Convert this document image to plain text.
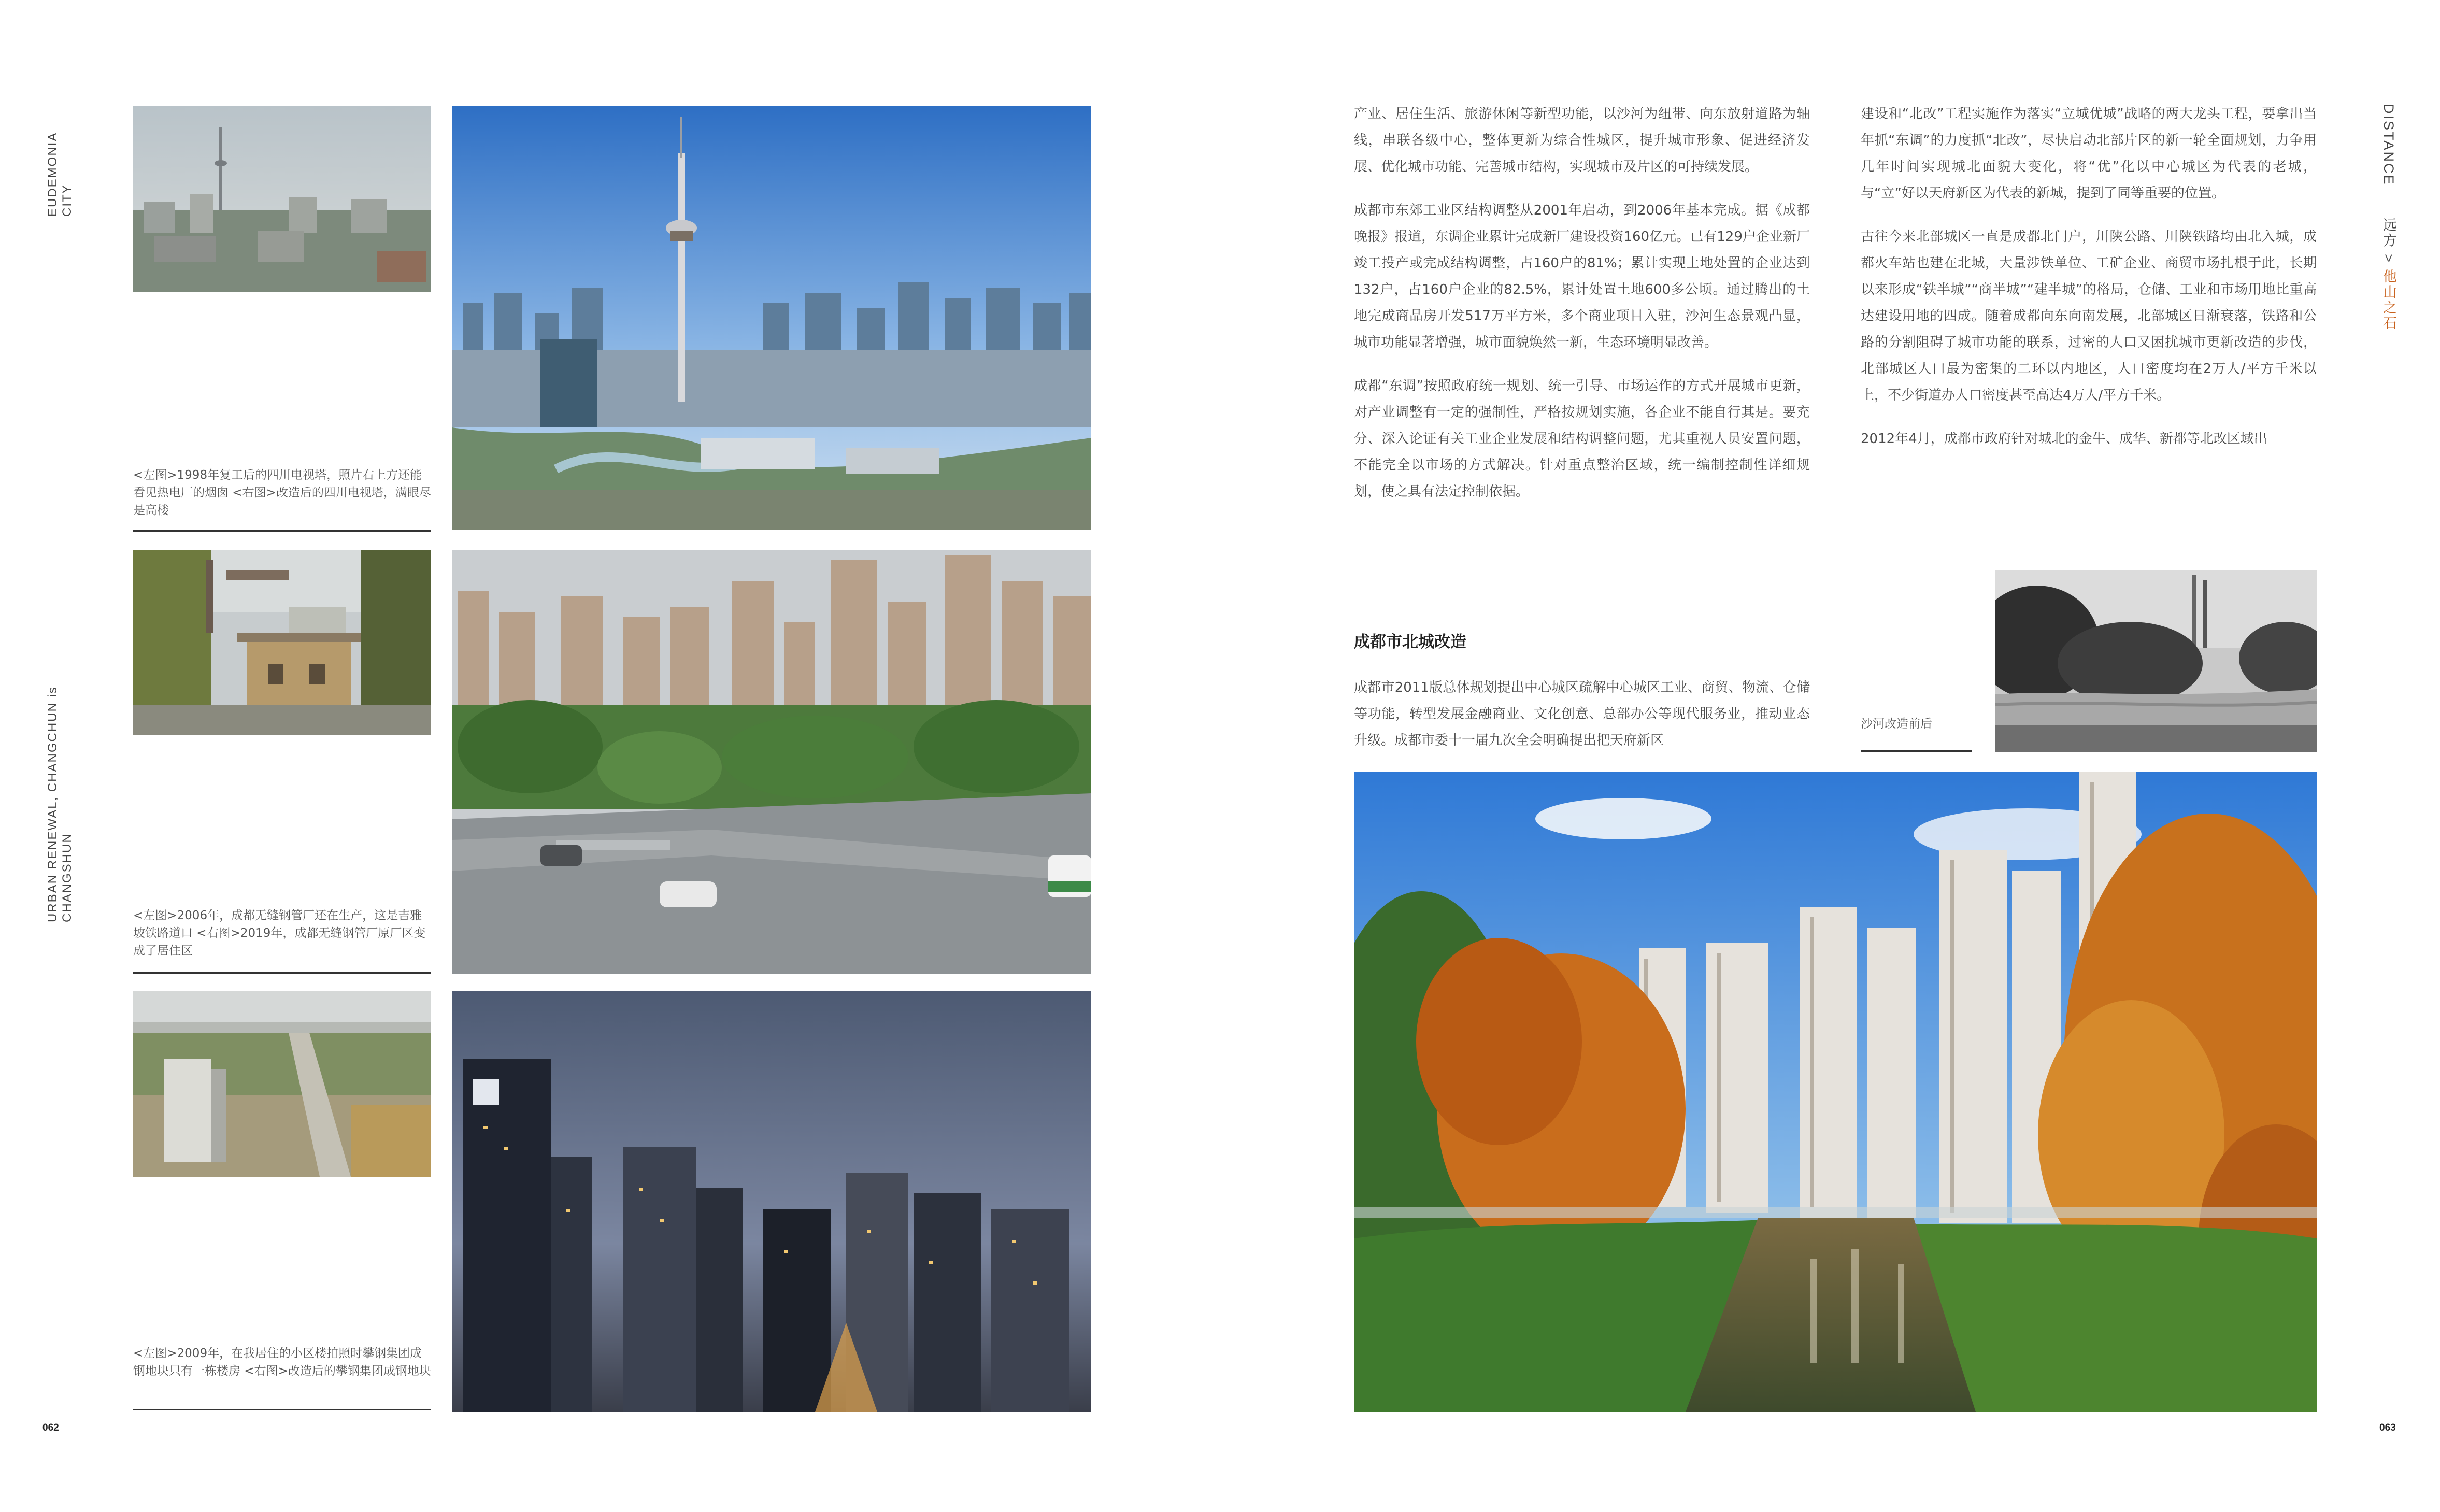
EUDEMONIA CITY
URBAN RENEWAL, CHANGCHUN is CHANGSHUN
DISTANCE  远方 > 他山之石
062	063
<左图>1998年复工后的四川电视塔，照片右上方还能看见热电厂的烟囱 <右图>改造后的四川电视塔，满眼尽是高楼
<左图>2006年，成都无缝钢管厂还在生产，这是吉雅坡铁路道口 <右图>2019年，成都无缝钢管厂原厂区变成了居住区
<左图>2009年，在我居住的小区楼拍照时攀钢集团成钢地块只有一栋楼房 <右图>改造后的攀钢集团成钢地块

产业、居住生活、旅游休闲等新型功能，以沙河为纽带、向东放射道路为轴线，串联各级中心，整体更新为综合性城区，提升城市形象、促进经济发展、优化城市功能、完善城市结构，实现城市及片区的可持续发展。

成都市东郊工业区结构调整从2001年启动，到2006年基本完成。据《成都晚报》报道，东调企业累计完成新厂建设投资160亿元。已有129户企业新厂竣工投产或完成结构调整，占160户的81%；累计实现土地处置的企业达到132户，占160户企业的82.5%，累计处置土地600多公顷。通过腾出的土地完成商品房开发517万平方米，多个商业项目入驻，沙河生态景观凸显，城市功能显著增强，城市面貌焕然一新，生态环境明显改善。

成都“东调”按照政府统一规划、统一引导、市场运作的方式开展城市更新，对产业调整有一定的强制性，严格按规划实施，各企业不能自行其是。要充分、深入论证有关工业企业发展和结构调整问题，尤其重视人员安置问题，不能完全以市场的方式解决。针对重点整治区域，统一编制控制性详细规划，使之具有法定控制依据。

成都市北城改造

成都市2011版总体规划提出中心城区疏解中心城区工业、商贸、物流、仓储等功能，转型发展金融商业、文化创意、总部办公等现代服务业，推动业态升级。成都市委十一届九次全会明确提出把天府新区

建设和“北改”工程实施作为落实“立城优城”战略的两大龙头工程，要拿出当年抓“东调”的力度抓“北改”，尽快启动北部片区的新一轮全面规划，力争用几年时间实现城北面貌大变化，将“优”化以中心城区为代表的老城，与“立”好以天府新区为代表的新城，提到了同等重要的位置。

古往今来北部城区一直是成都北门户，川陕公路、川陕铁路均由北入城，成都火车站也建在北城，大量涉铁单位、工矿企业、商贸市场扎根于此，长期以来形成“铁半城”“商半城”“建半城”的格局，仓储、工业和市场用地比重高达建设用地的四成。随着成都向东向南发展，北部城区日渐衰落，铁路和公路的分割阻碍了城市功能的联系，过密的人口又困扰城市更新改造的步伐，北部城区人口最为密集的二环以内地区，人口密度均在2万人/平方千米以上，不少街道办人口密度甚至高达4万人/平方千米。

2012年4月，成都市政府针对城北的金牛、成华、新都等北改区域出

沙河改造前后
